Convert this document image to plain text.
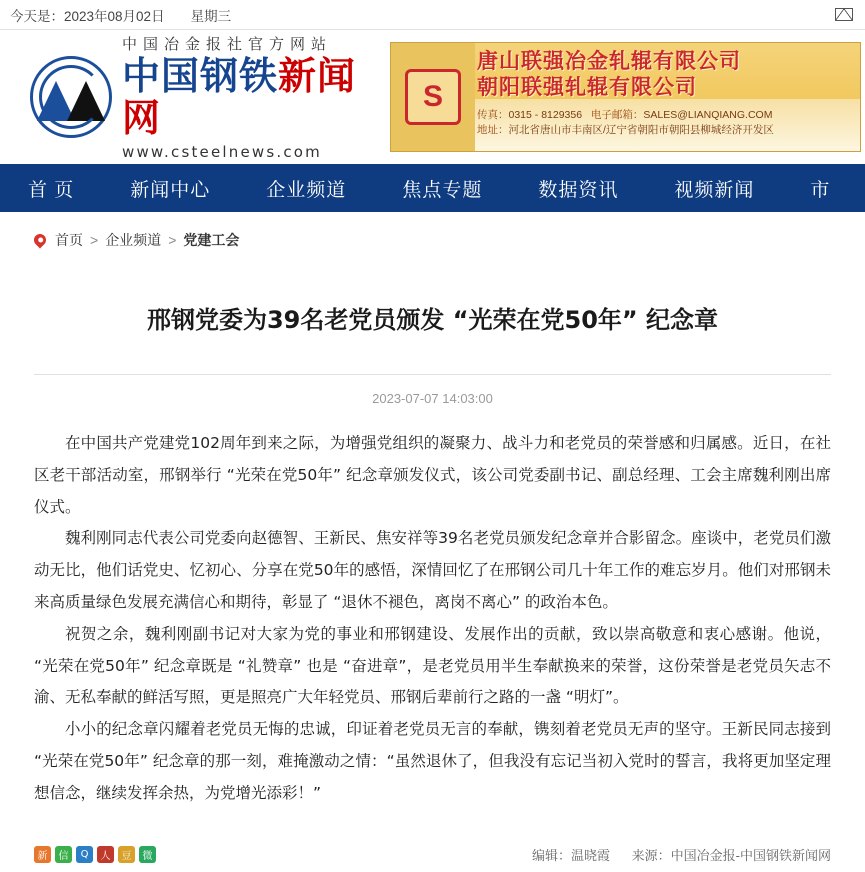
今天是： 2023年08月02日 星期三
中国冶金报社官方网站
中国钢铁新闻网
www.csteelnews.com
S
唐山联强冶金轧辊有限公司
朝阳联强轧辊有限公司
传真：0315 - 8129356 电子邮箱：SALES@LIANQIANG.COM
地址：河北省唐山市丰南区/辽宁省朝阳市朝阳县柳城经济开发区
首 页	新闻中心	企业频道	焦点专题	数据资讯	视频新闻	市
首页 > 企业频道 > 党建工会
邢钢党委为39名老党员颁发 “光荣在党50年” 纪念章
2023-07-07 14:03:00

在中国共产党建党102周年到来之际，为增强党组织的凝聚力、战斗力和老党员的荣誉感和归属感。近日，在社区老干部活动室，邢钢举行 “光荣在党50年” 纪念章颁发仪式，该公司党委副书记、副总经理、工会主席魏利刚出席仪式。

魏利刚同志代表公司党委向赵德智、王新民、焦安祥等39名老党员颁发纪念章并合影留念。座谈中，老党员们激动无比，他们话党史、忆初心、分享在党50年的感悟，深情回忆了在邢钢公司几十年工作的难忘岁月。他们对邢钢未来高质量绿色发展充满信心和期待，彰显了 “退休不褪色，离岗不离心” 的政治本色。

祝贺之余，魏利刚副书记对大家为党的事业和邢钢建设、发展作出的贡献，致以崇高敬意和衷心感谢。他说，“光荣在党50年” 纪念章既是 “礼赞章” 也是 “奋进章”，是老党员用半生奉献换来的荣誉，这份荣誉是老党员矢志不渝、无私奉献的鲜活写照，更是照亮广大年轻党员、邢钢后辈前行之路的一盏 “明灯”。

小小的纪念章闪耀着老党员无悔的忠诚，印证着老党员无言的奉献，镌刻着老党员无声的坚守。王新民同志接到 “光荣在党50年” 纪念章的那一刻，难掩激动之情：“虽然退休了，但我没有忘记当初入党时的誓言，我将更加坚定理想信念，继续发挥余热，为党增光添彩！”

新	信	Q	人	豆	微	编辑：温晓霞 来源：中国冶金报-中国钢铁新闻网
